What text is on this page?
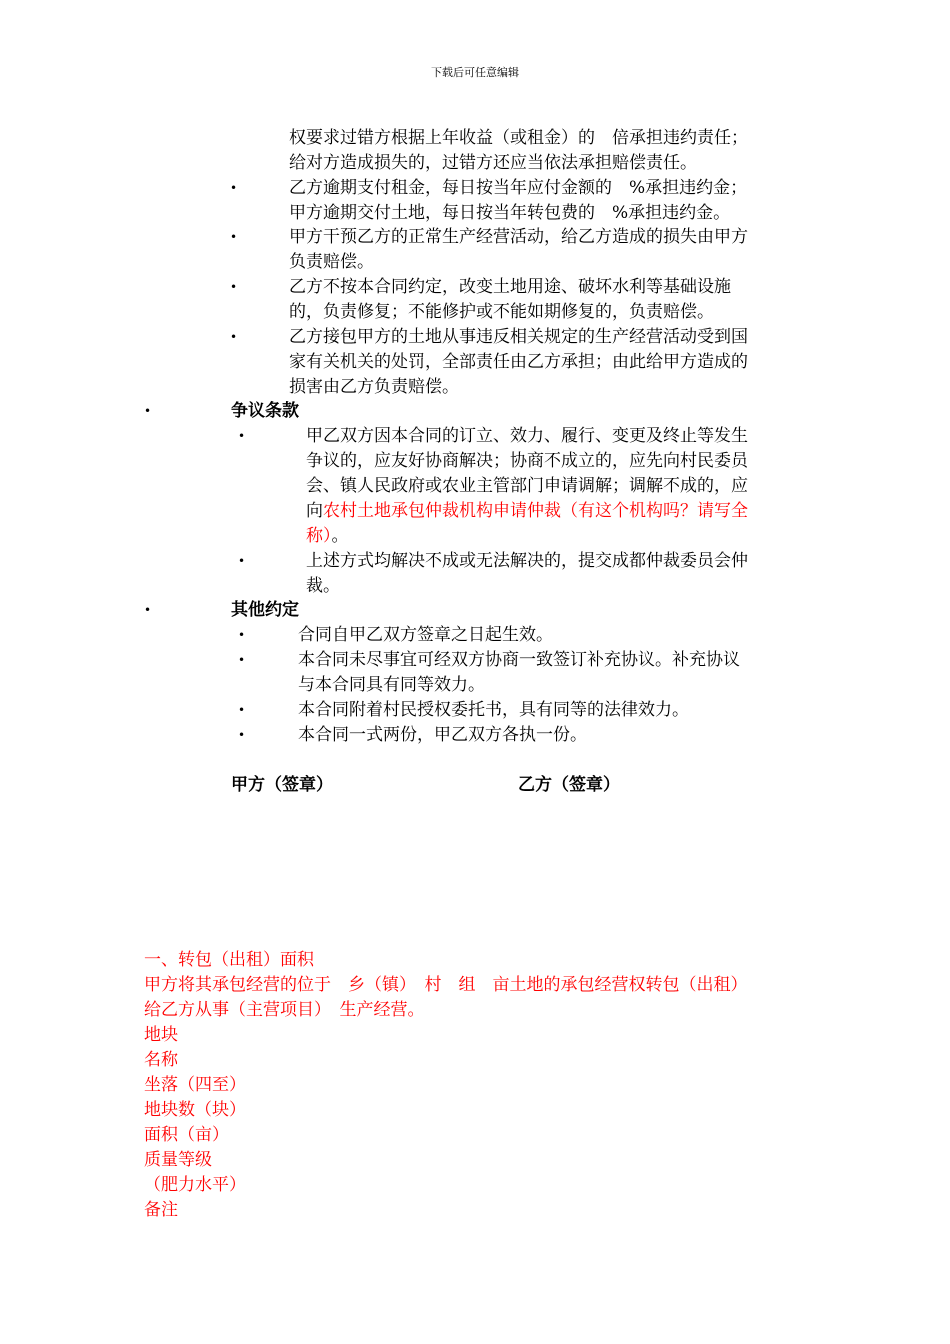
下载后可任意编辑
权要求过错方根据上年收益（或租金）的　倍承担违约责任；
给对方造成损失的，过错方还应当依法承担赔偿责任。
•	乙方逾期支付租金，每日按当年应付金额的　%承担违约金；
甲方逾期交付土地，每日按当年转包费的　%承担违约金。
•	甲方干预乙方的正常生产经营活动，给乙方造成的损失由甲方
负责赔偿。
•	乙方不按本合同约定，改变土地用途、破坏水利等基础设施
的，负责修复；不能修护或不能如期修复的，负责赔偿。
•	乙方接包甲方的土地从事违反相关规定的生产经营活动受到国
家有关机关的处罚，全部责任由乙方承担；由此给甲方造成的
损害由乙方负责赔偿。
•	争议条款
•	甲乙双方因本合同的订立、效力、履行、变更及终止等发生
争议的，应友好协商解决；协商不成立的，应先向村民委员
会、镇人民政府或农业主管部门申请调解；调解不成的，应
向农村土地承包仲裁机构申请仲裁（有这个机构吗？请写全
称）。
•	上述方式均解决不成或无法解决的，提交成都仲裁委员会仲
裁。
•	其他约定
•	合同自甲乙双方签章之日起生效。
•	本合同未尽事宜可经双方协商一致签订补充协议。补充协议
与本合同具有同等效力。
•	本合同附着村民授权委托书，具有同等的法律效力。
•	本合同一式两份，甲乙双方各执一份。
甲方（签章）	乙方（签章）
一、转包（出租）面积
甲方将其承包经营的位于　乡（镇）　村　组　亩土地的承包经营权转包（出租）
给乙方从事（主营项目）　生产经营。
地块
名称
坐落（四至）
地块数（块）
面积（亩）
质量等级
（肥力水平）
备注
